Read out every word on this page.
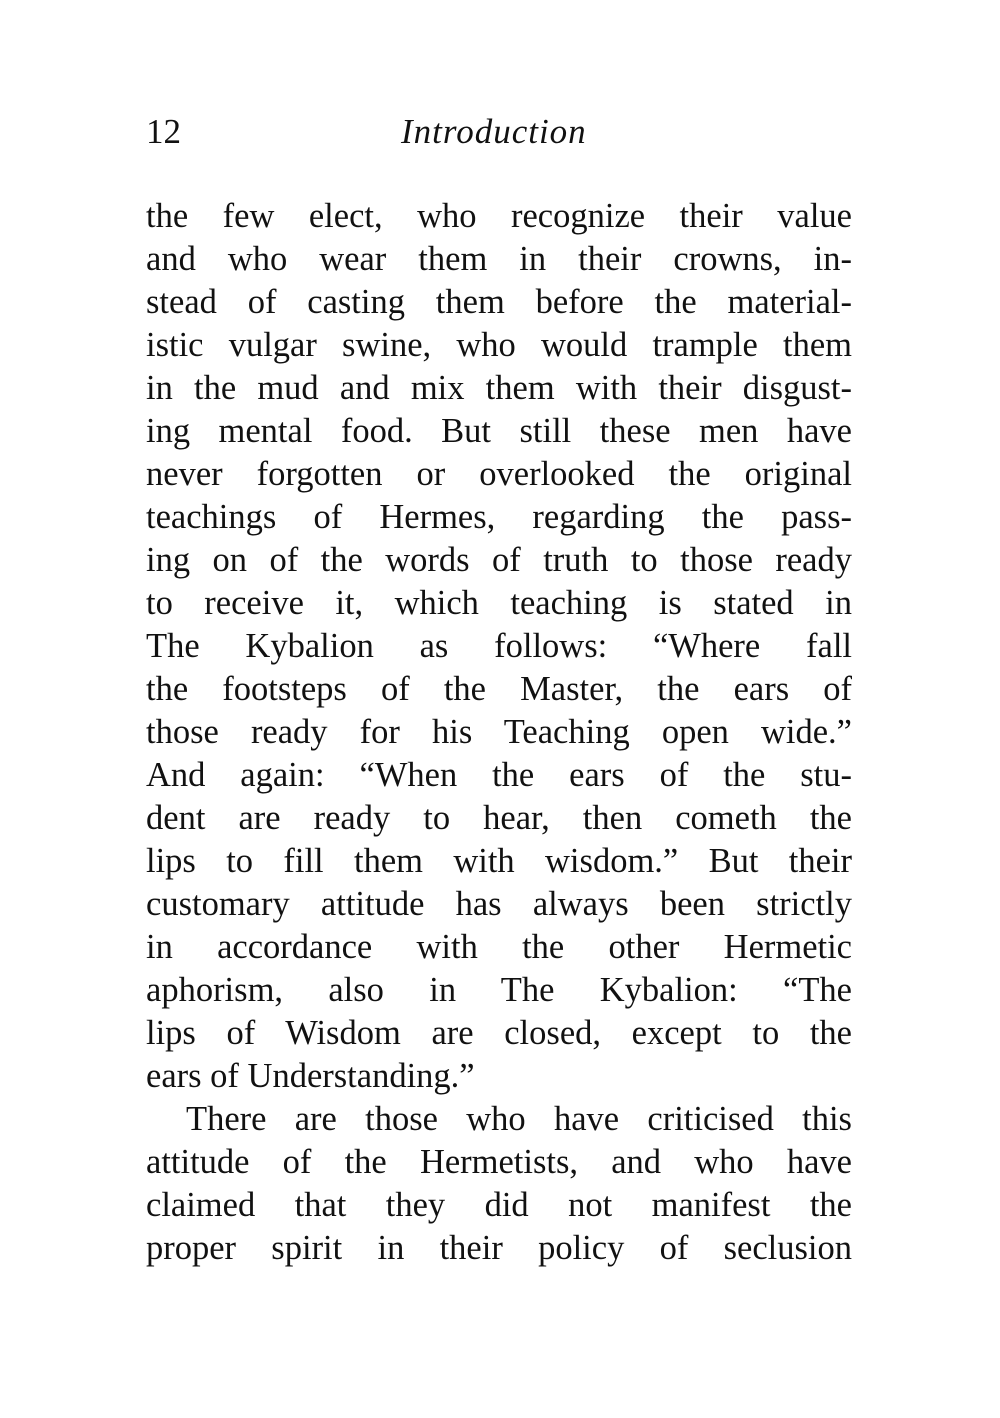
12	Introduction
the few elect, who recognize their value
and who wear them in their crowns, in-
stead of casting them before the material-
istic vulgar swine, who would trample them
in the mud and mix them with their disgust-
ing mental food. But still these men have
never forgotten or overlooked the original
teachings of Hermes, regarding the pass-
ing on of the words of truth to those ready
to receive it, which teaching is stated in
The Kybalion as follows: “Where fall
the footsteps of the Master, the ears of
those ready for his Teaching open wide.”
And again: “When the ears of the stu-
dent are ready to hear, then cometh the
lips to fill them with wisdom.” But their
customary attitude has always been strictly
in accordance with the other Hermetic
aphorism, also in The Kybalion: “The
lips of Wisdom are closed, except to the
ears of Understanding.”
There are those who have criticised this
attitude of the Hermetists, and who have
claimed that they did not manifest the
proper spirit in their policy of seclusion
